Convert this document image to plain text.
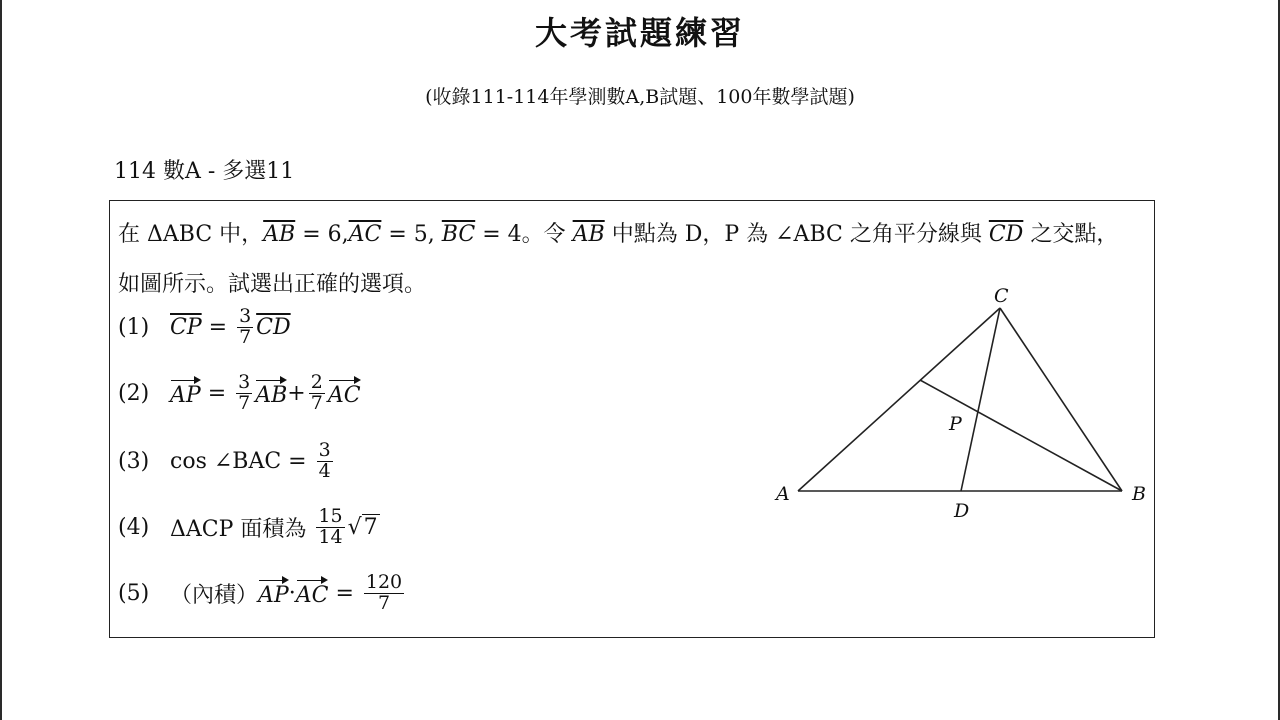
大考試題練習
(收錄111-114年學測數A,B試題、100年數學試題)
114 數A - 多選11
在 ΔABC 中，$\overline{AB} = 6,\overline{AC} = 5$, $\overline{BC} = 4$。令 $\overline{AB}$ 中點為 D，P 為 ∠ABC 之角平分線與 $\overline{CD}$ 之交點，
如圖所示。試選出正確的選項。
(1) $\overline{CP} = \frac{3}{7} \overline{CD}$
(2) AP = $\frac{3}{7}$ AB + $\frac{2}{7}$ AC
(3) cos ∠BAC = $\frac{3}{4}$
(4) ΔACP 面積為 $\frac{15}{14} √7$
(5) （內積） AP · AC = $\frac{120}{7}$
A	B
C
D
P
